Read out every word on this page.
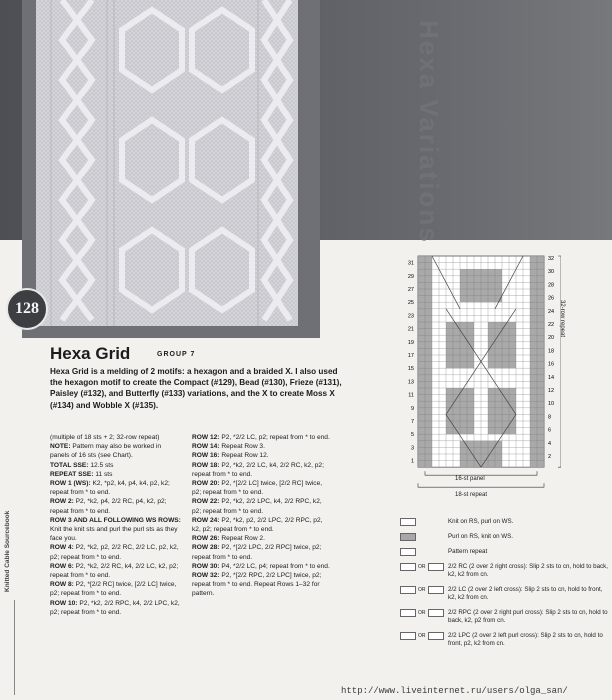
Hexa Variations
128
Hexa Grid	GROUP 7
Hexa Grid is a melding of 2 motifs: a hexagon and a braided X. I also used the hexagon motif to create the Compact (#129), Bead (#130), Frieze (#131), Paisley (#132), and Butterfly (#133) variations, and the X to create Moss X (#134) and Wobble X (#135).

(multiple of 18 sts + 2; 32-row repeat)

NOTE: Pattern may also be worked in panels of 16 sts (see Chart).

TOTAL SSE: 12.5 sts

REPEAT SSE: 11 sts

ROW 1 (WS): K2, *p2, k4, p4, k4, p2, k2; repeat from * to end.

ROW 2: P2, *k2, p4, 2/2 RC, p4, k2, p2; repeat from * to end.

ROW 3 AND ALL FOLLOWING WS ROWS: Knit the knit sts and purl the purl sts as they face you.

ROW 4: P2, *k2, p2, 2/2 RC, 2/2 LC, p2, k2, p2; repeat from * to end.

ROW 6: P2, *k2, 2/2 RC, k4, 2/2 LC, k2, p2; repeat from * to end.

ROW 8: P2, *[2/2 RC] twice, [2/2 LC] twice, p2; repeat from * to end.

ROW 10: P2, *k2, 2/2 RPC, k4, 2/2 LPC, k2, p2; repeat from * to end.

ROW 12: P2, *2/2 LC, p2; repeat from * to end.

ROW 14: Repeat Row 3.

ROW 16: Repeat Row 12.

ROW 18: P2, *k2, 2/2 LC, k4, 2/2 RC, k2, p2; repeat from * to end.

ROW 20: P2, *[2/2 LC] twice, [2/2 RC] twice, p2; repeat from * to end.

ROW 22: P2, *k2, 2/2 LPC, k4, 2/2 RPC, k2, p2; repeat from * to end.

ROW 24: P2, *k2, p2, 2/2 LPC, 2/2 RPC, p2, k2, p2; repeat from * to end.

ROW 26: Repeat Row 2.

ROW 28: P2, *[2/2 LPC, 2/2 RPC] twice, p2; repeat from * to end.

ROW 30: P4, *2/2 LC, p4; repeat from * to end.

ROW 32: P2, *[2/2 RPC, 2/2 LPC] twice, p2; repeat from * to end. Repeat Rows 1–32 for pattern.

Knitted Cable Sourcebook
31
29
27
25
23
21
19
17
15
13
11
9
7
5
3
1
32
30
28
26
24
22
20
18
16
14
12
10
8
6
4
2
32-row repeat
16-st panel
18-st repeat
Knit on RS, purl on WS.
Purl on RS, knit on WS.
Pattern repeat
OR	2/2 RC (2 over 2 right cross): Slip 2 sts to cn, hold to back, k2, k2 from cn.
OR	2/2 LC (2 over 2 left cross): Slip 2 sts to cn, hold to front, k2, k2 from cn.
OR	2/2 RPC (2 over 2 right purl cross): Slip 2 sts to cn, hold to back, k2, p2 from cn.
OR	2/2 LPC (2 over 2 left purl cross): Slip 2 sts to cn, hold to front, p2, k2 from cn.
http://www.liveinternet.ru/users/olga_san/
